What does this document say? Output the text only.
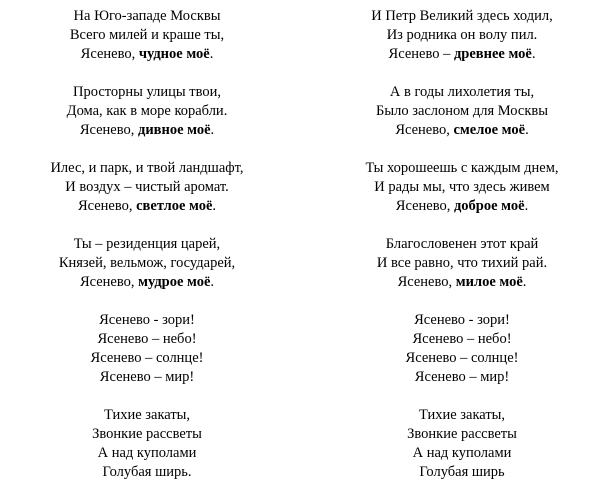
На Юго-западе Москвы
Всего милей и краше ты,
Ясенево, чудное моё.
Просторны улицы твои,
Дома, как в море корабли.
Ясенево, дивное моё.
Илес, и парк, и твой ландшафт,
И воздух – чистый аромат.
Ясенево, светлое моё.
Ты – резиденция царей,
Князей, вельмож, государей,
Ясенево, мудрое моё.
Ясенево - зори!
Ясенево – небо!
Ясенево – солнце!
Ясенево – мир!
Тихие закаты,
Звонкие рассветы
А над куполами
Голубая ширь.
И Петр Великий здесь ходил,
Из родника он волу пил.
Ясенево – древнее моё.
А в годы лихолетия ты,
Было заслоном для Москвы
Ясенево, смелое моё.
Ты хорошеешь с каждым днем,
И рады мы, что здесь живем
Ясенево, доброе моё.
Благословенен этот край
И все равно, что тихий рай.
Ясенево, милое моё.
Ясенево - зори!
Ясенево – небо!
Ясенево – солнце!
Ясенево – мир!
Тихие закаты,
Звонкие рассветы
А над куполами
Голубая ширь
